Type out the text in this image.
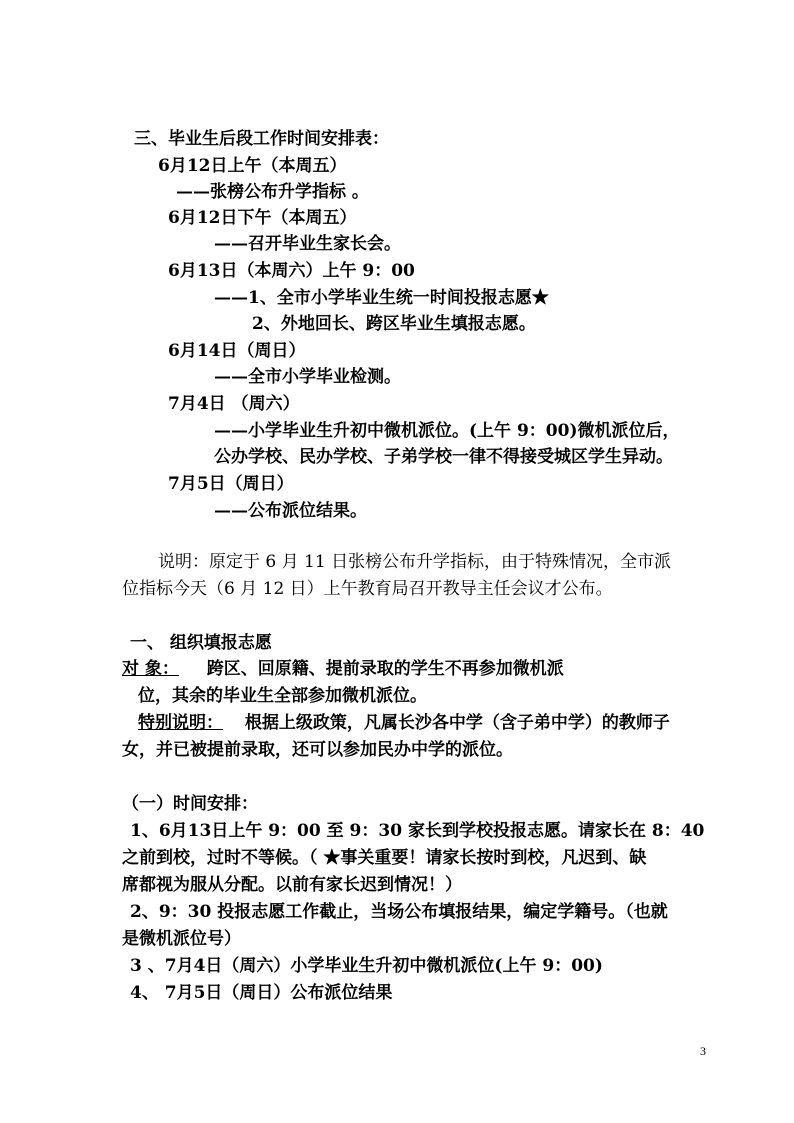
三、毕业生后段工作时间安排表：
6月12日上午（本周五）
——张榜公布升学指标 。
6月12日下午（本周五）
——召开毕业生家长会。
6月13日（本周六）上午 9：00
——1、全市小学毕业生统一时间投报志愿★
2、外地回长、跨区毕业生填报志愿。
6月14日（周日）
——全市小学毕业检测。
7月4日 （周六）
——小学毕业生升初中微机派位。(上午 9：00)微机派位后，
公办学校、民办学校、子弟学校一律不得接受城区学生异动。
7月5日（周日）
——公布派位结果。
说明：原定于 6 月 11 日张榜公布升学指标，由于特殊情况，全市派
位指标今天（6 月 12 日）上午教育局召开教导主任会议才公布。
一、 组织填报志愿
对 象： 跨区、回原籍、提前录取的学生不再参加微机派
位，其余的毕业生全部参加微机派位。
特别说明： 根据上级政策，凡属长沙各中学（含子弟中学）的教师子
女，并已被提前录取，还可以参加民办中学的派位。
（一）时间安排：
1、6月13日上午 9：00 至 9：30 家长到学校投报志愿。请家长在 8：40
之前到校，过时不等候。（ ★事关重要！请家长按时到校，凡迟到、缺
席都视为服从分配。以前有家长迟到情况！）
2、9：30 投报志愿工作截止，当场公布填报结果，编定学籍号。（也就
是微机派位号）
3 、7月4日（周六）小学毕业生升初中微机派位(上午 9：00)
4、 7月5日（周日）公布派位结果
3
